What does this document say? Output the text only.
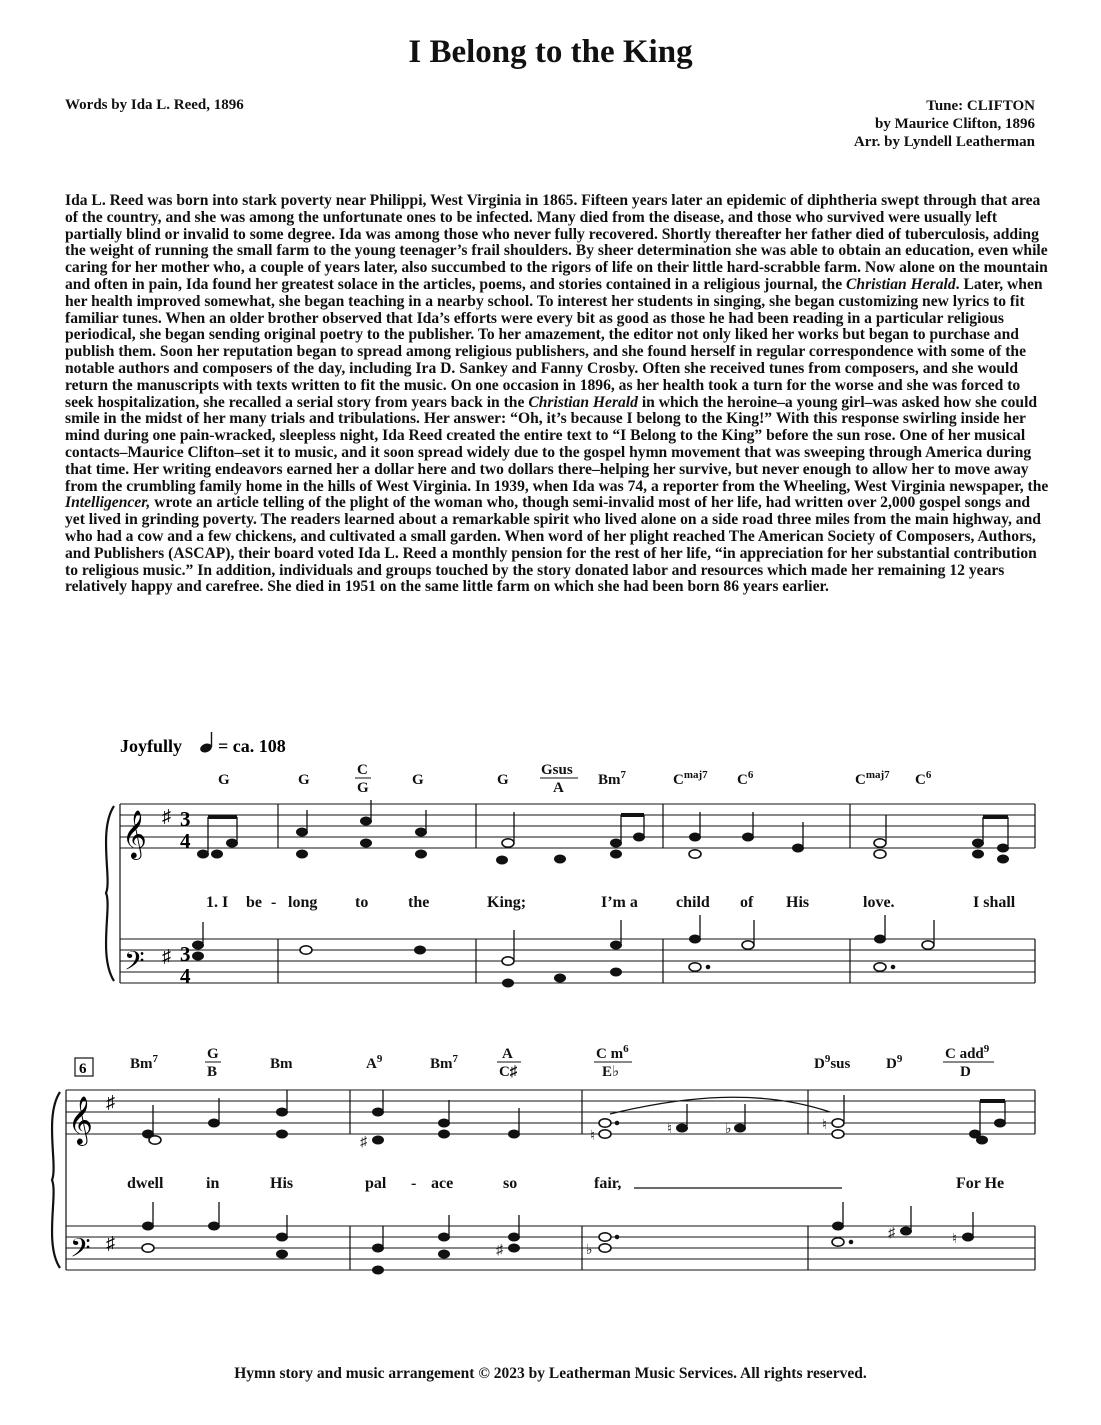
I Belong to the King
Words by Ida L. Reed, 1896	Tune: CLIFTON
by Maurice Clifton, 1896
Arr. by Lyndell Leatherman

Ida L. Reed was born into stark poverty near Philippi, West Virginia in 1865. Fifteen years later an epidemic of diphtheria swept through that area of the country, and she was among the unfortunate ones to be infected. Many died from the disease, and those who survived were usually left partially blind or invalid to some degree. Ida was among those who never fully recovered. Shortly thereafter her father died of tuberculosis, adding the weight of running the small farm to the young teenager’s frail shoulders. By sheer determination she was able to obtain an education, even while caring for her mother who, a couple of years later, also succumbed to the rigors of life on their little hard-scrabble farm. Now alone on the mountain and often in pain, Ida found her greatest solace in the articles, poems, and stories contained in a religious journal, the Christian Herald. Later, when her health improved somewhat, she began teaching in a nearby school. To interest her students in singing, she began customizing new lyrics to fit familiar tunes. When an older brother observed that Ida’s efforts were every bit as good as those he had been reading in a particular religious periodical, she began sending original poetry to the publisher. To her amazement, the editor not only liked her works but began to purchase and publish them. Soon her reputation began to spread among religious publishers, and she found herself in regular correspondence with some of the notable authors and composers of the day, including Ira D. Sankey and Fanny Crosby. Often she received tunes from composers, and she would return the manuscripts with texts written to fit the music. On one occasion in 1896, as her health took a turn for the worse and she was forced to seek hospitalization, she recalled a serial story from years back in the Christian Herald in which the heroine–a young girl–was asked how she could smile in the midst of her many trials and tribulations. Her answer: “Oh, it’s because I belong to the King!” With this response swirling inside her mind during one pain-wracked, sleepless night, Ida Reed created the entire text to “I Belong to the King” before the sun rose. One of her musical contacts–Maurice Clifton–set it to music, and it soon spread widely due to the gospel hymn movement that was sweeping through America during that time. Her writing endeavors earned her a dollar here and two dollars there–helping her survive, but never enough to allow her to move away from the crumbling family home in the hills of West Virginia. In 1939, when Ida was 74, a reporter from the Wheeling, West Virginia newspaper, the Intelligencer, wrote an article telling of the plight of the woman who, though semi-invalid most of her life, had written over 2,000 gospel songs and yet lived in grinding poverty. The readers learned about a remarkable spirit who lived alone on a side road three miles from the main highway, and who had a cow and a few chickens, and cultivated a small garden. When word of her plight reached The American Society of Composers, Authors, and Publishers (ASCAP), their board voted Ida L. Reed a monthly pension for the rest of her life, “in appreciation for her substantial contribution to religious music.” In addition, individuals and groups touched by the story donated labor and resources which made her remaining 12 years relatively happy and carefree. She died in 1951 on the same little farm on which she had been born 86 years earlier.

Joyfully = ca. 108
G	G
C
G	G	G
Gsus
A Bm$^7$	$C^{maj7}$ $C^6$	$C^{maj7}$ $C^6$
𝄞
𝄢
♯
♯
3
4
3
4
1. I be - long to the	King;	I’m a child of His	love.	I shall
6	Bm$^7$	G
B	Bm	$A^9$	Bm$^7$	A
C♯
C $m^6$
E♭	$D^9sus$ $D^9$	C add$^9$
D
𝄞
𝄢
♯
♯
♯	♮	♮	♭	♮
♯	♭
♯	♮
dwell	in	His	pal - ace	so	fair,	For He
Hymn story and music arrangement © 2023 by Leatherman Music Services. All rights reserved.
